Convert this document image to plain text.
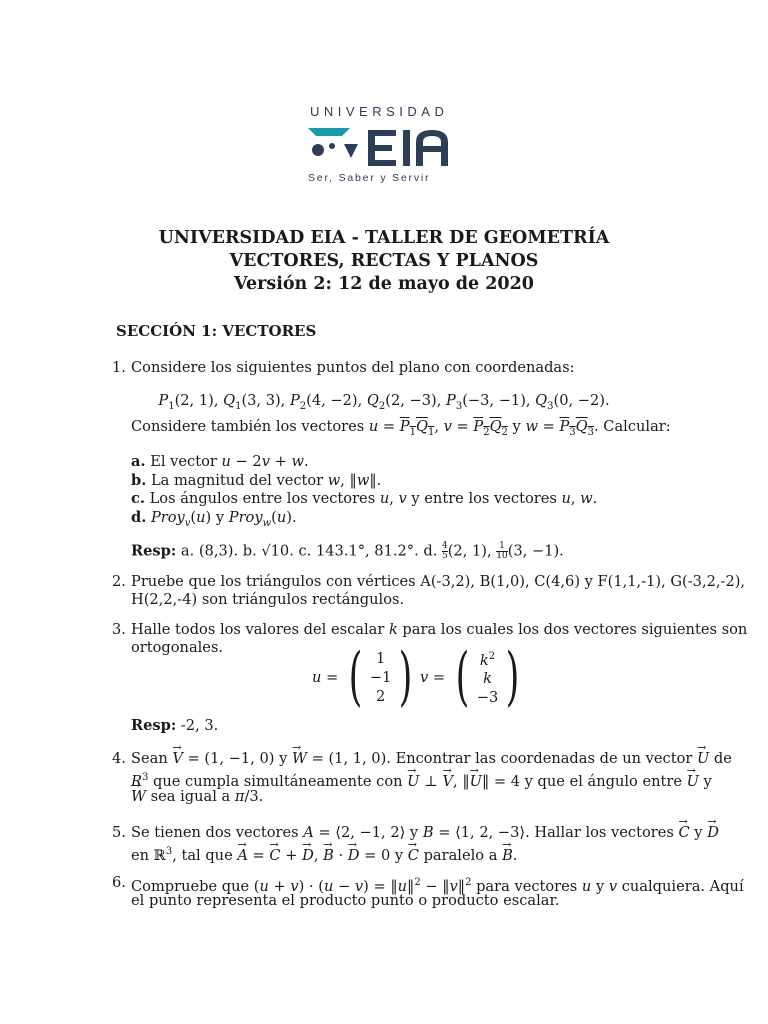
UNIVERSIDAD
Ser, Saber y Servir
UNIVERSIDAD EIA - TALLER DE GEOMETRÍA
VECTORES, RECTAS Y PLANOS
Versión 2: 12 de mayo de 2020
SECCIÓN 1: VECTORES
1. Considere los siguientes puntos del plano con coordenadas:
$P_1(2$, 1), $Q_1(3$, 3), $P_2(4$, −2), $Q_2(2$, −3), $P_3(-3$, −1), $Q_3(0$, −2).
Considere también los vectores $u = P_1Q_1$, $v = P_2Q_2$ y $w = P_3Q_3$. Calcular:
a. El vector u − 2v + w.
b. La magnitud del vector w, ‖w‖.
c. Los ángulos entre los vectores u, v y entre los vectores u, w.
d. Proy$_v$(u) y Proy$_w$(u).
Resp: a. (8,3). b. √10. c. 143.1°, 81.2°. d. $\frac{4}{5} (2$, 1), $\frac{1}{10} (3$, −1).
2. Pruebe que los triángulos con vértices A(-3,2), B(1,0), C(4,6) y F(1,1,-1), G(-3,2,-2),
H(2,2,-4) son triángulos rectángulos.
3. Halle todos los valores del escalar k para los cuales los dos vectores siguientes son
ortogonales.
u = ( 1
−1
2 ) v = ( $k^2$
k
−3 )
Resp: -2, 3.
4. Sean → V = (1, −1, 0) y → W = (1, 1, 0). Encontrar las coordenadas de un vector → U de
$R^3$ que cumpla simultáneamente con → U ⊥ → V, ‖→ U‖ = 4 y que el ángulo entre → U y
→ W sea igual a π/3.
5. Se tienen dos vectores A = ⟨2, −1, 2⟩ y B = ⟨1, 2, −3⟩. Hallar los vectores → C y → D
en ℝ$^3$, tal que → A = → C + → D, → B · → D = 0 y → C paralelo a → B.
6. Compruebe que (u + v) · (u − v) = ‖u‖$^2$ − ‖v‖$^2$ para vectores u y v cualquiera. Aquí
el punto representa el producto punto o producto escalar.
